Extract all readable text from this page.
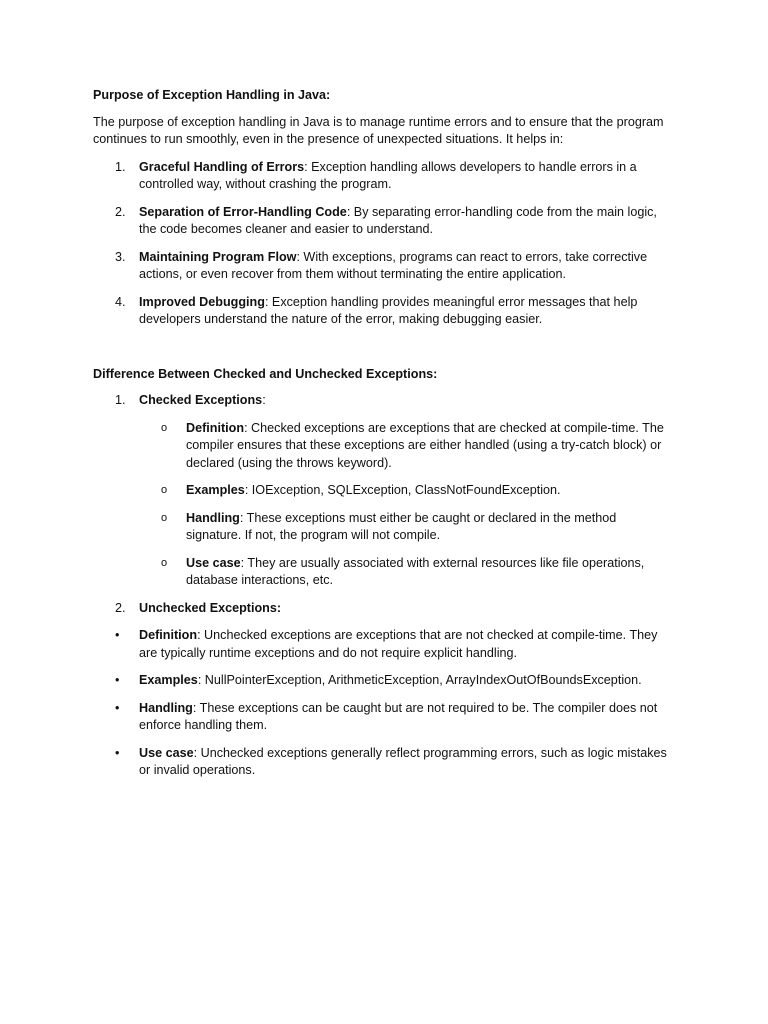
Purpose of Exception Handling in Java:

The purpose of exception handling in Java is to manage runtime errors and to ensure that the program continues to run smoothly, even in the presence of unexpected situations. It helps in:

1. Graceful Handling of Errors: Exception handling allows developers to handle errors in a controlled way, without crashing the program.
2. Separation of Error-Handling Code: By separating error-handling code from the main logic, the code becomes cleaner and easier to understand.
3. Maintaining Program Flow: With exceptions, programs can react to errors, take corrective actions, or even recover from them without terminating the entire application.
4. Improved Debugging: Exception handling provides meaningful error messages that help developers understand the nature of the error, making debugging easier.

Difference Between Checked and Unchecked Exceptions:

1. Checked Exceptions:
o Definition: Checked exceptions are exceptions that are checked at compile-time. The compiler ensures that these exceptions are either handled (using a try-catch block) or declared (using the throws keyword).
o Examples: IOException, SQLException, ClassNotFoundException.
o Handling: These exceptions must either be caught or declared in the method signature. If not, the program will not compile.
o Use case: They are usually associated with external resources like file operations, database interactions, etc.
2. Unchecked Exceptions:
• Definition: Unchecked exceptions are exceptions that are not checked at compile-time. They are typically runtime exceptions and do not require explicit handling.
• Examples: NullPointerException, ArithmeticException, ArrayIndexOutOfBoundsException.
• Handling: These exceptions can be caught but are not required to be. The compiler does not enforce handling them.
• Use case: Unchecked exceptions generally reflect programming errors, such as logic mistakes or invalid operations.
